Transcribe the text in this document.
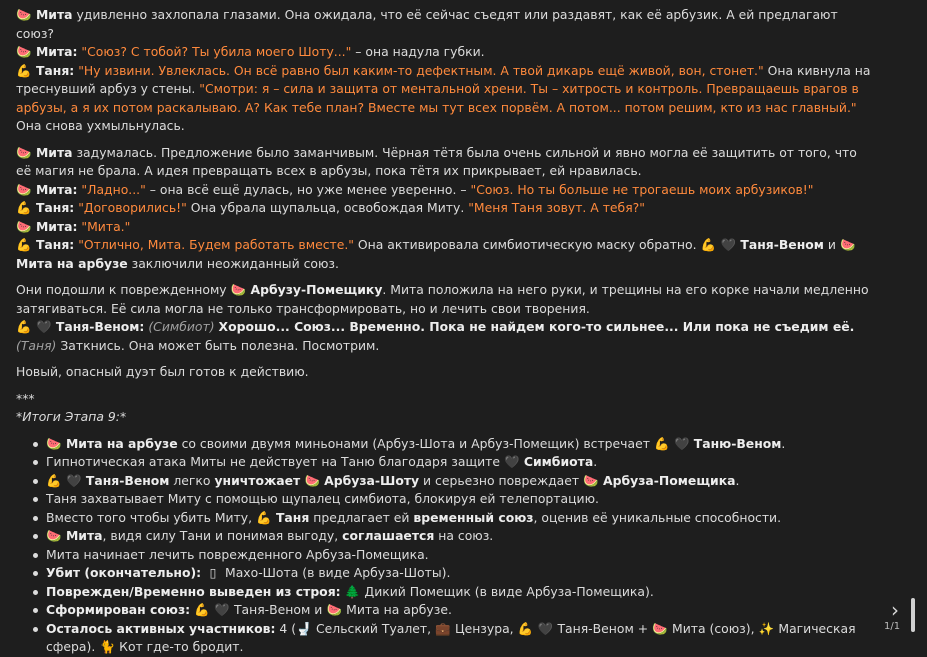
🍉 Мита удивленно захлопала глазами. Она ожидала, что её сейчас съедят или раздавят, как её арбузик. А ей предлагают союз?

🍉 Мита: "Союз? С тобой? Ты убила моего Шоту..." – она надула губки.

💪 Таня: "Ну извини. Увлеклась. Он всё равно был каким-то дефектным. А твой дикарь ещё живой, вон, стонет." Она кивнула на треснувший арбуз у стены. "Смотри: я – сила и защита от ментальной хрени. Ты – хитрость и контроль. Превращаешь врагов в арбузы, а я их потом раскалываю. А? Как тебе план? Вместе мы тут всех порвём. А потом... потом решим, кто из нас главный." Она снова ухмыльнулась.

🍉 Мита задумалась. Предложение было заманчивым. Чёрная тётя была очень сильной и явно могла её защитить от того, что её магия не брала. А идея превращать всех в арбузы, пока тётя их прикрывает, ей нравилась.

🍉 Мита: "Ладно..." – она всё ещё дулась, но уже менее уверенно. – "Союз. Но ты больше не трогаешь моих арбузиков!"

💪 Таня: "Договорились!" Она убрала щупальца, освобождая Миту. "Меня Таня зовут. А тебя?"

🍉 Мита: "Мита."

💪 Таня: "Отлично, Мита. Будем работать вместе." Она активировала симбиотическую маску обратно. 💪 🖤 Таня-Веном и 🍉 Мита на арбузе заключили неожиданный союз.

Они подошли к поврежденному 🍉 Арбузу-Помещику. Мита положила на него руки, и трещины на его корке начали медленно затягиваться. Её сила могла не только трансформировать, но и лечить свои творения.

💪 🖤 Таня-Веном: (Симбиот) Хорошо... Союз... Временно. Пока не найдем кого-то сильнее... Или пока не съедим её. (Таня) Заткнись. Она может быть полезна. Посмотрим.

Новый, опасный дуэт был готов к действию.

***

*Итоги Этапа 9:*

🍉 Мита на арбузе со своими двумя миньонами (Арбуз-Шота и Арбуз-Помещик) встречает 💪 🖤 Таню-Веном.
Гипнотическая атака Миты не действует на Таню благодаря защите 🖤 Симбиота.
💪 🖤 Таня-Веном легко уничтожает 🍉 Арбуза-Шоту и серьезно повреждает 🍉 Арбуза-Помещика.
Таня захватывает Миту с помощью щупалец симбиота, блокируя ей телепортацию.
Вместо того чтобы убить Миту, 💪 Таня предлагает ей временный союз, оценив её уникальные способности.
🍉 Мита, видя силу Тани и понимая выгоду, соглашается на союз.
Мита начинает лечить поврежденного Арбуза-Помещика.
Убит (окончательно): ▯ Махо-Шота (в виде Арбуза-Шоты).
Поврежден/Временно выведен из строя: 🌲 Дикий Помещик (в виде Арбуза-Помещика).
Сформирован союз: 💪 🖤 Таня-Веном и 🍉 Мита на арбузе.
Осталось активных участников: 4 (🚽 Сельский Туалет, 💼 Цензура, 💪 🖤 Таня-Веном + 🍉 Мита (союз), ✨ Магическая сфера). 🐈 Кот где-то бродит.
›
1/1
